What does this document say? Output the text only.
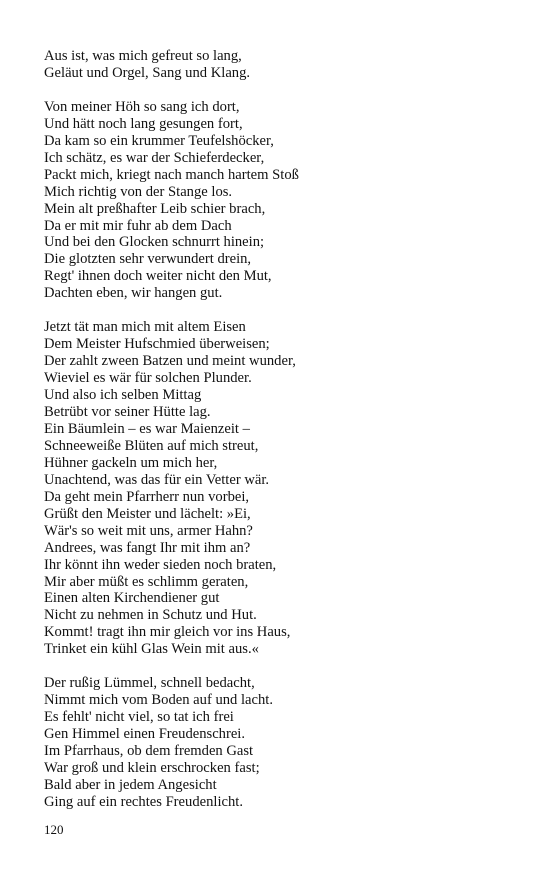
Aus ist, was mich gefreut so lang,
Geläut und Orgel, Sang und Klang.
Von meiner Höh so sang ich dort,
Und hätt noch lang gesungen fort,
Da kam so ein krummer Teufelshöcker,
Ich schätz, es war der Schieferdecker,
Packt mich, kriegt nach manch hartem Stoß
Mich richtig von der Stange los.
Mein alt preßhafter Leib schier brach,
Da er mit mir fuhr ab dem Dach
Und bei den Glocken schnurrt hinein;
Die glotzten sehr verwundert drein,
Regt' ihnen doch weiter nicht den Mut,
Dachten eben, wir hangen gut.
Jetzt tät man mich mit altem Eisen
Dem Meister Hufschmied überweisen;
Der zahlt zween Batzen und meint wunder,
Wieviel es wär für solchen Plunder.
Und also ich selben Mittag
Betrübt vor seiner Hütte lag.
Ein Bäumlein – es war Maienzeit –
Schneeweiße Blüten auf mich streut,
Hühner gackeln um mich her,
Unachtend, was das für ein Vetter wär.
Da geht mein Pfarrherr nun vorbei,
Grüßt den Meister und lächelt: »Ei,
Wär's so weit mit uns, armer Hahn?
Andrees, was fangt Ihr mit ihm an?
Ihr könnt ihn weder sieden noch braten,
Mir aber müßt es schlimm geraten,
Einen alten Kirchendiener gut
Nicht zu nehmen in Schutz und Hut.
Kommt! tragt ihn mir gleich vor ins Haus,
Trinket ein kühl Glas Wein mit aus.«
Der rußig Lümmel, schnell bedacht,
Nimmt mich vom Boden auf und lacht.
Es fehlt' nicht viel, so tat ich frei
Gen Himmel einen Freudenschrei.
Im Pfarrhaus, ob dem fremden Gast
War groß und klein erschrocken fast;
Bald aber in jedem Angesicht
Ging auf ein rechtes Freudenlicht.
120
